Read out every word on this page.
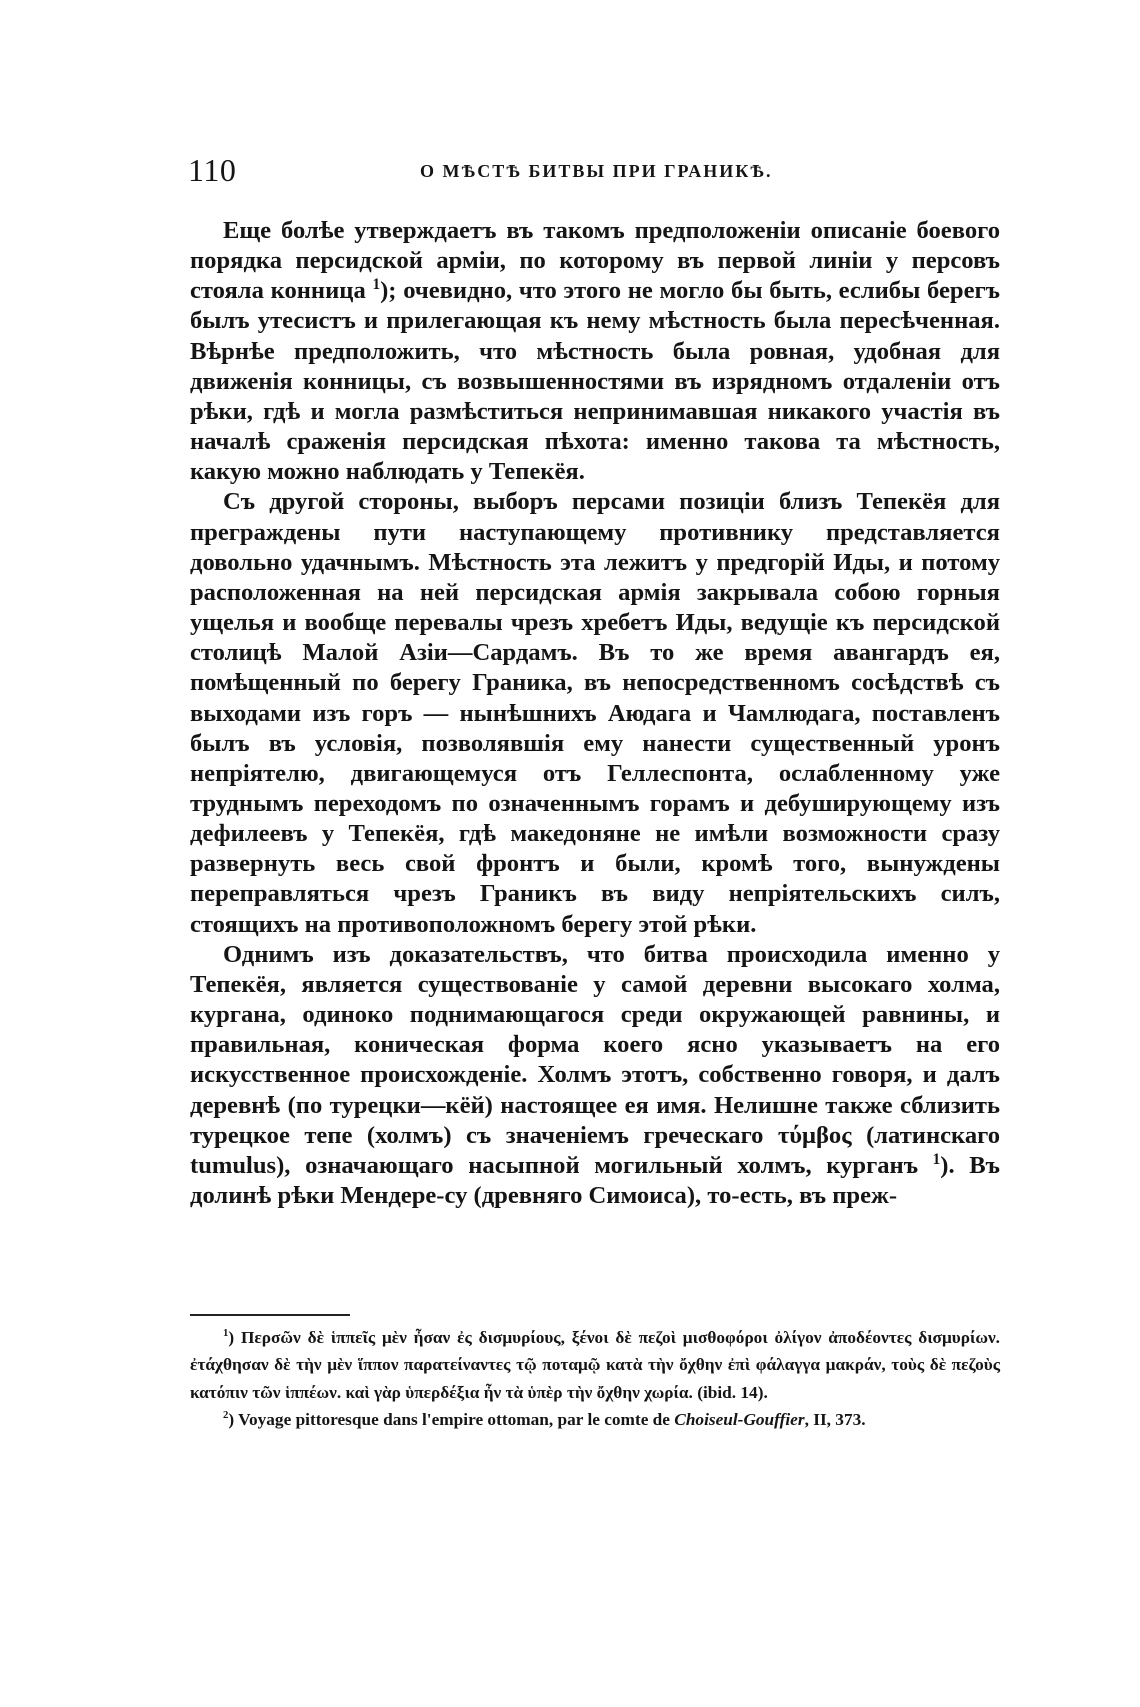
110	О МѢСТѢ БИТВЫ ПРИ ГРАНИКѢ.

Еще болѣе утверждаетъ въ такомъ предположенiи описанiе боевого порядка персидской армiи, по которому въ первой линiи у персовъ стояла конница $^1$); очевидно, что этого не могло бы быть, еслибы берегъ былъ утесистъ и прилегающая къ нему мѣстность была пересѣченная. Вѣрнѣе предположить, что мѣстность была ровная, удобная для движенiя конницы, съ возвышенностями въ изрядномъ отдаленiи отъ рѣки, гдѣ и могла размѣститься непринимавшая никакого участiя въ началѣ сраженiя персидская пѣхота: именно такова та мѣстность, какую можно наблюдать у Тепекёя.

Съ другой стороны, выборъ персами позицiи близъ Тепекёя для преграждены пути наступающему противнику представляется довольно удачнымъ. Мѣстность эта лежитъ у предгорiй Иды, и потому расположенная на ней персидская армiя закрывала собою горныя ущелья и вообще перевалы чрезъ хребетъ Иды, ведущiе къ персидской столицѣ Малой Азiи—Сардамъ. Въ то же время авангардъ ея, помѣщенный по берегу Граника, въ непосредственномъ сосѣдствѣ съ выходами изъ горъ — нынѣшнихъ Аюдага и Чамлюдага, поставленъ былъ въ условiя, позволявшiя ему нанести существенный уронъ непрiятелю, двигающемуся отъ Геллеспонта, ослабленному уже труднымъ переходомъ по означеннымъ горамъ и дебуширующему изъ дефилеевъ у Тепекёя, гдѣ македоняне не имѣли возможности сразу развернуть весь свой фронтъ и были, кромѣ того, вынуждены переправляться чрезъ Граникъ въ виду непрiятельскихъ силъ, стоящихъ на противоположномъ берегу этой рѣки.

Однимъ изъ доказательствъ, что битва происходила именно у Тепекёя, является существованiе у самой деревни высокаго холма, кургана, одиноко поднимающагося среди окружающей равнины, и правильная, коническая форма коего ясно указываетъ на его искусственное происхожденiе. Холмъ этотъ, собственно говоря, и далъ деревнѣ (по турецки—кёй) настоящее ея имя. Нелишне также сблизить турецкое тепе (холмъ) съ значенiемъ греческаго τύμβος (латинскаго tumulus), означающаго насыпной могильный холмъ, курганъ $^1$). Въ долинѣ рѣки Мендере-су (древняго Симоиса), то-есть, въ преж-

$^1$) Περσῶν δὲ ἱππεῖς μὲν ἦσαν ἐς δισμυρίους, ξένοι δὲ πεζοὶ μισθοφόροι ὀλίγον ἀποδέοντες δισμυρίων. ἐτάχθησαν δὲ τὴν μὲν ἵππον παρατείναντες τῷ ποταμῷ κατὰ τὴν ὄχθην ἐπὶ φάλαγγα μακράν, τοὺς δὲ πεζοὺς κατόπιν τῶν ἱππέων. καὶ γὰρ ὑπερδέξια ἦν τὰ ὑπὲρ τὴν ὄχθην χωρία. (ibid. 14).

$^2$) Voyage pittoresque dans l'empire ottoman, par le comte de Choiseul-Gouffier, II, 373.
